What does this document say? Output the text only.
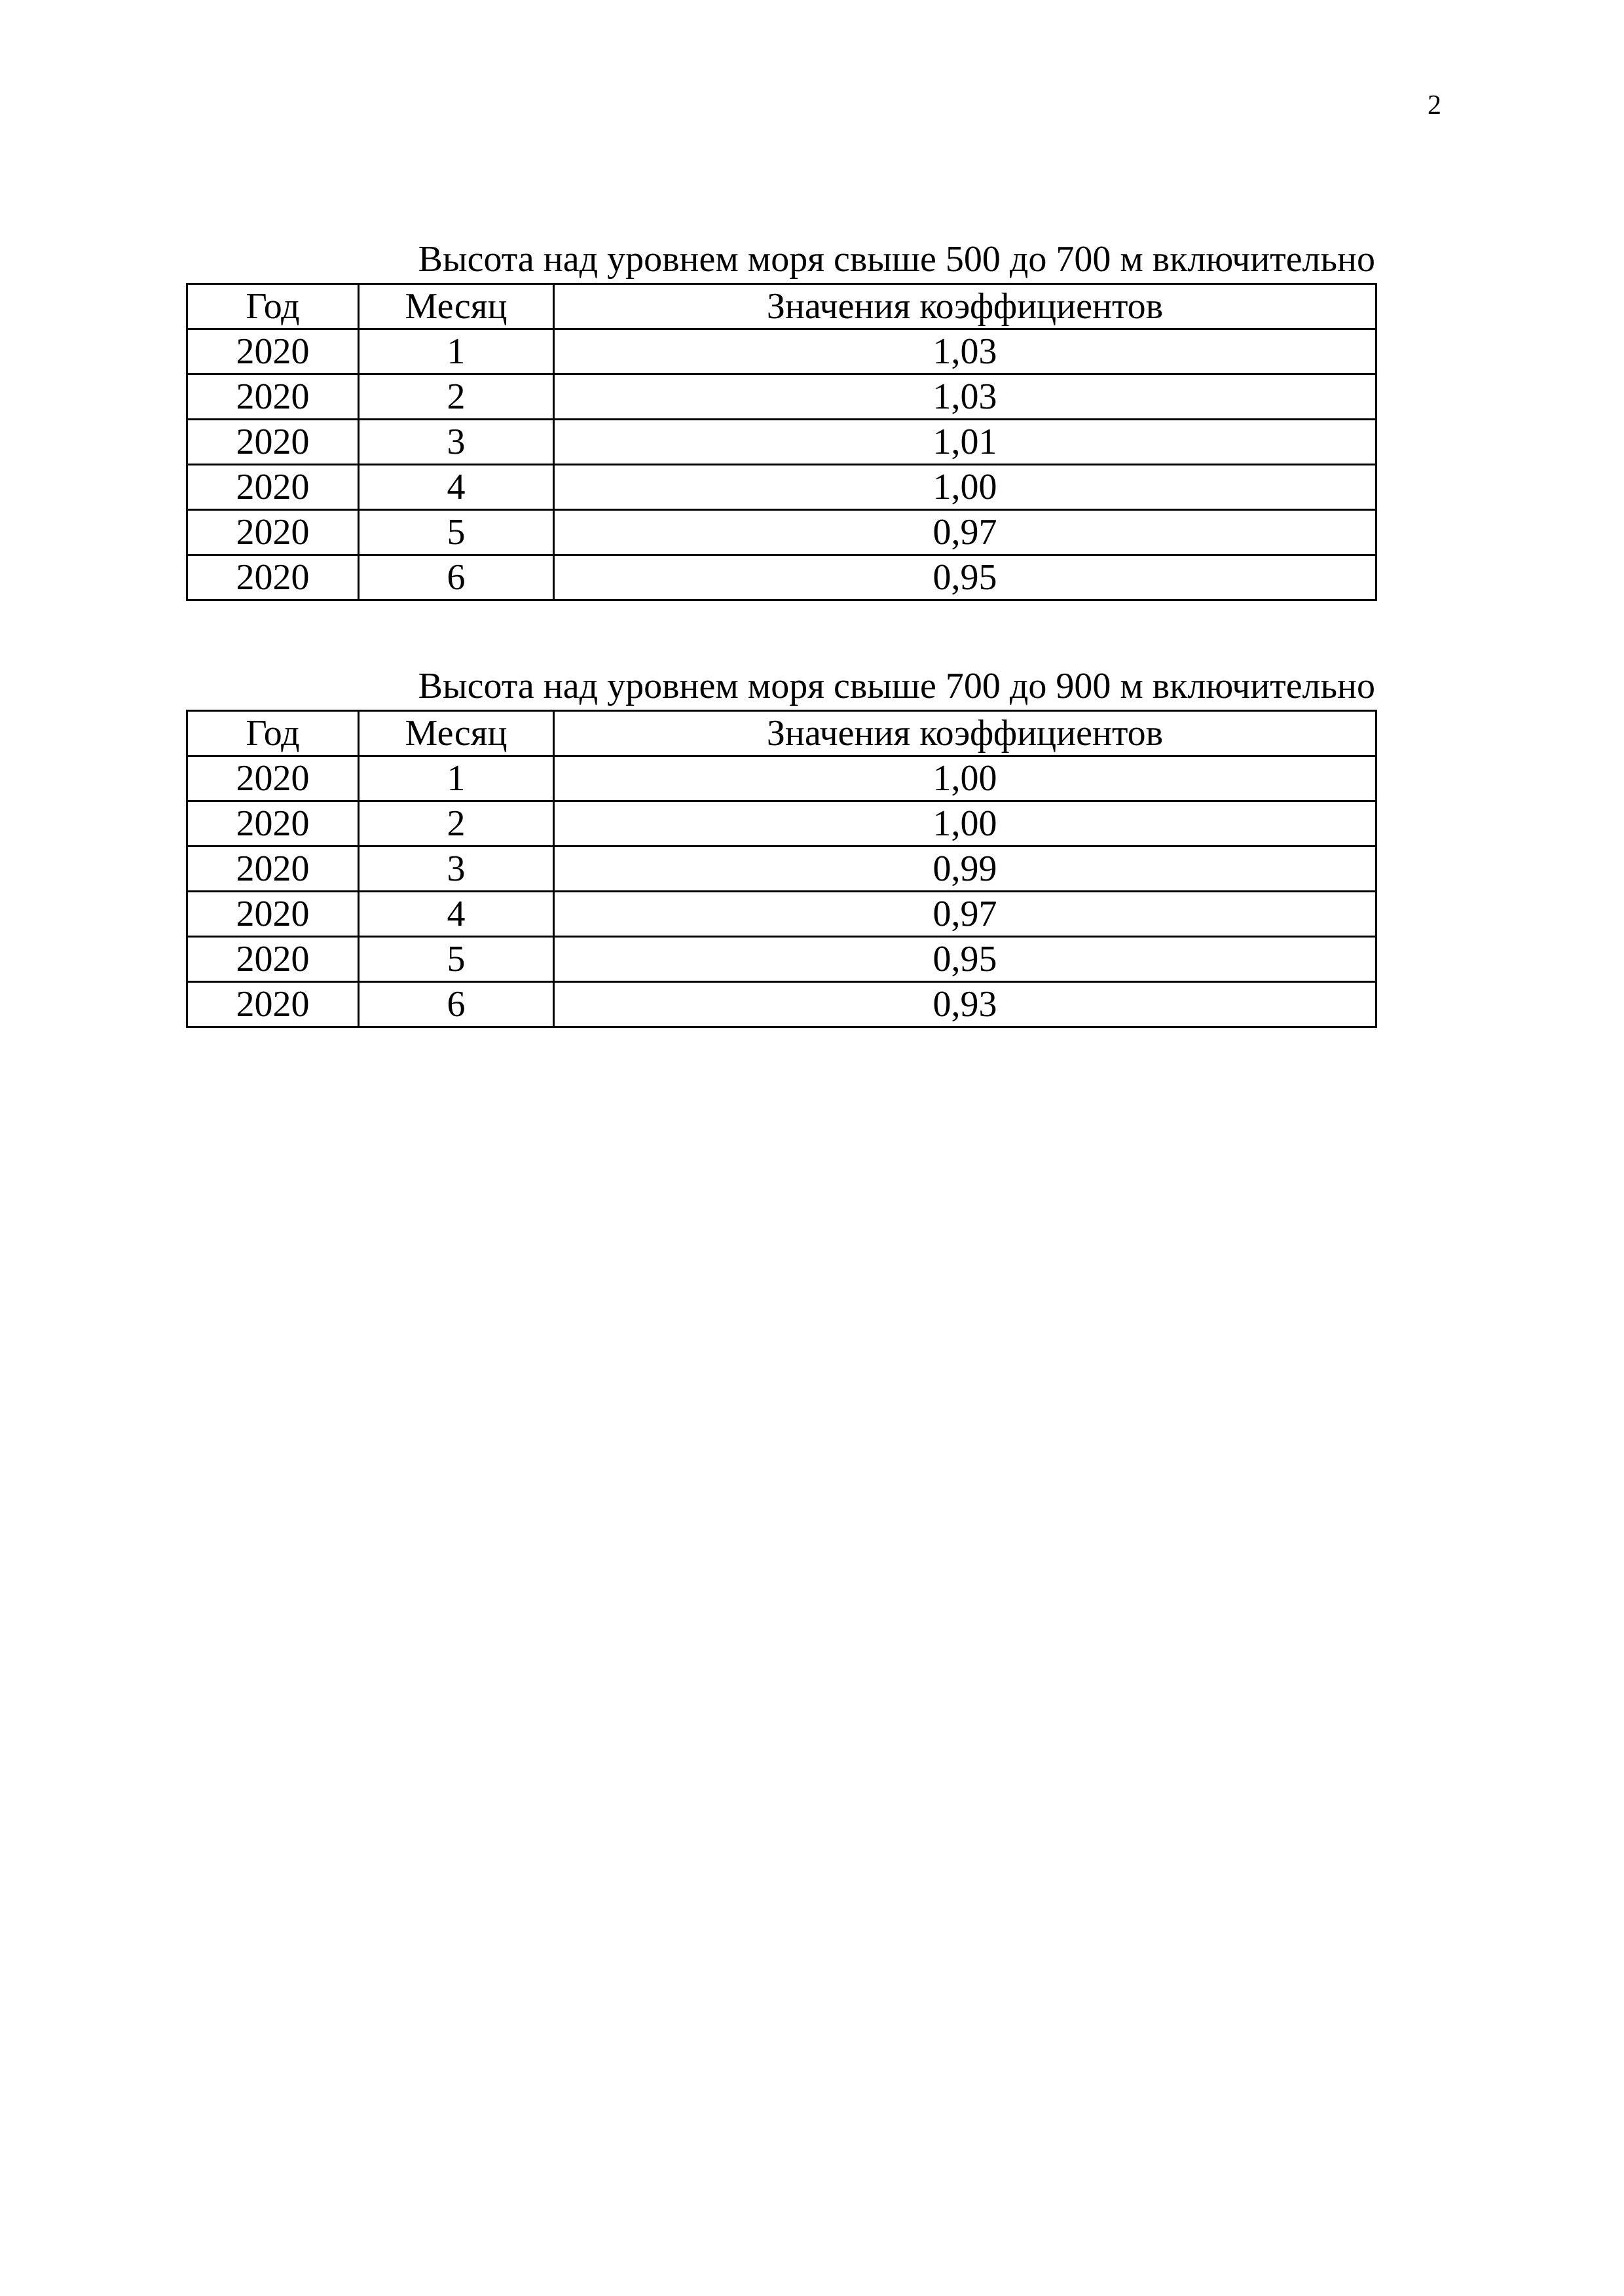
2
Высота над уровнем моря свыше 500 до 700 м включительно
Год	Месяц	Значения коэффициентов
2020	1	1,03
2020	2	1,03
2020	3	1,01
2020	4	1,00
2020	5	0,97
2020	6	0,95
Высота над уровнем моря свыше 700 до 900 м включительно
Год	Месяц	Значения коэффициентов
2020	1	1,00
2020	2	1,00
2020	3	0,99
2020	4	0,97
2020	5	0,95
2020	6	0,93
